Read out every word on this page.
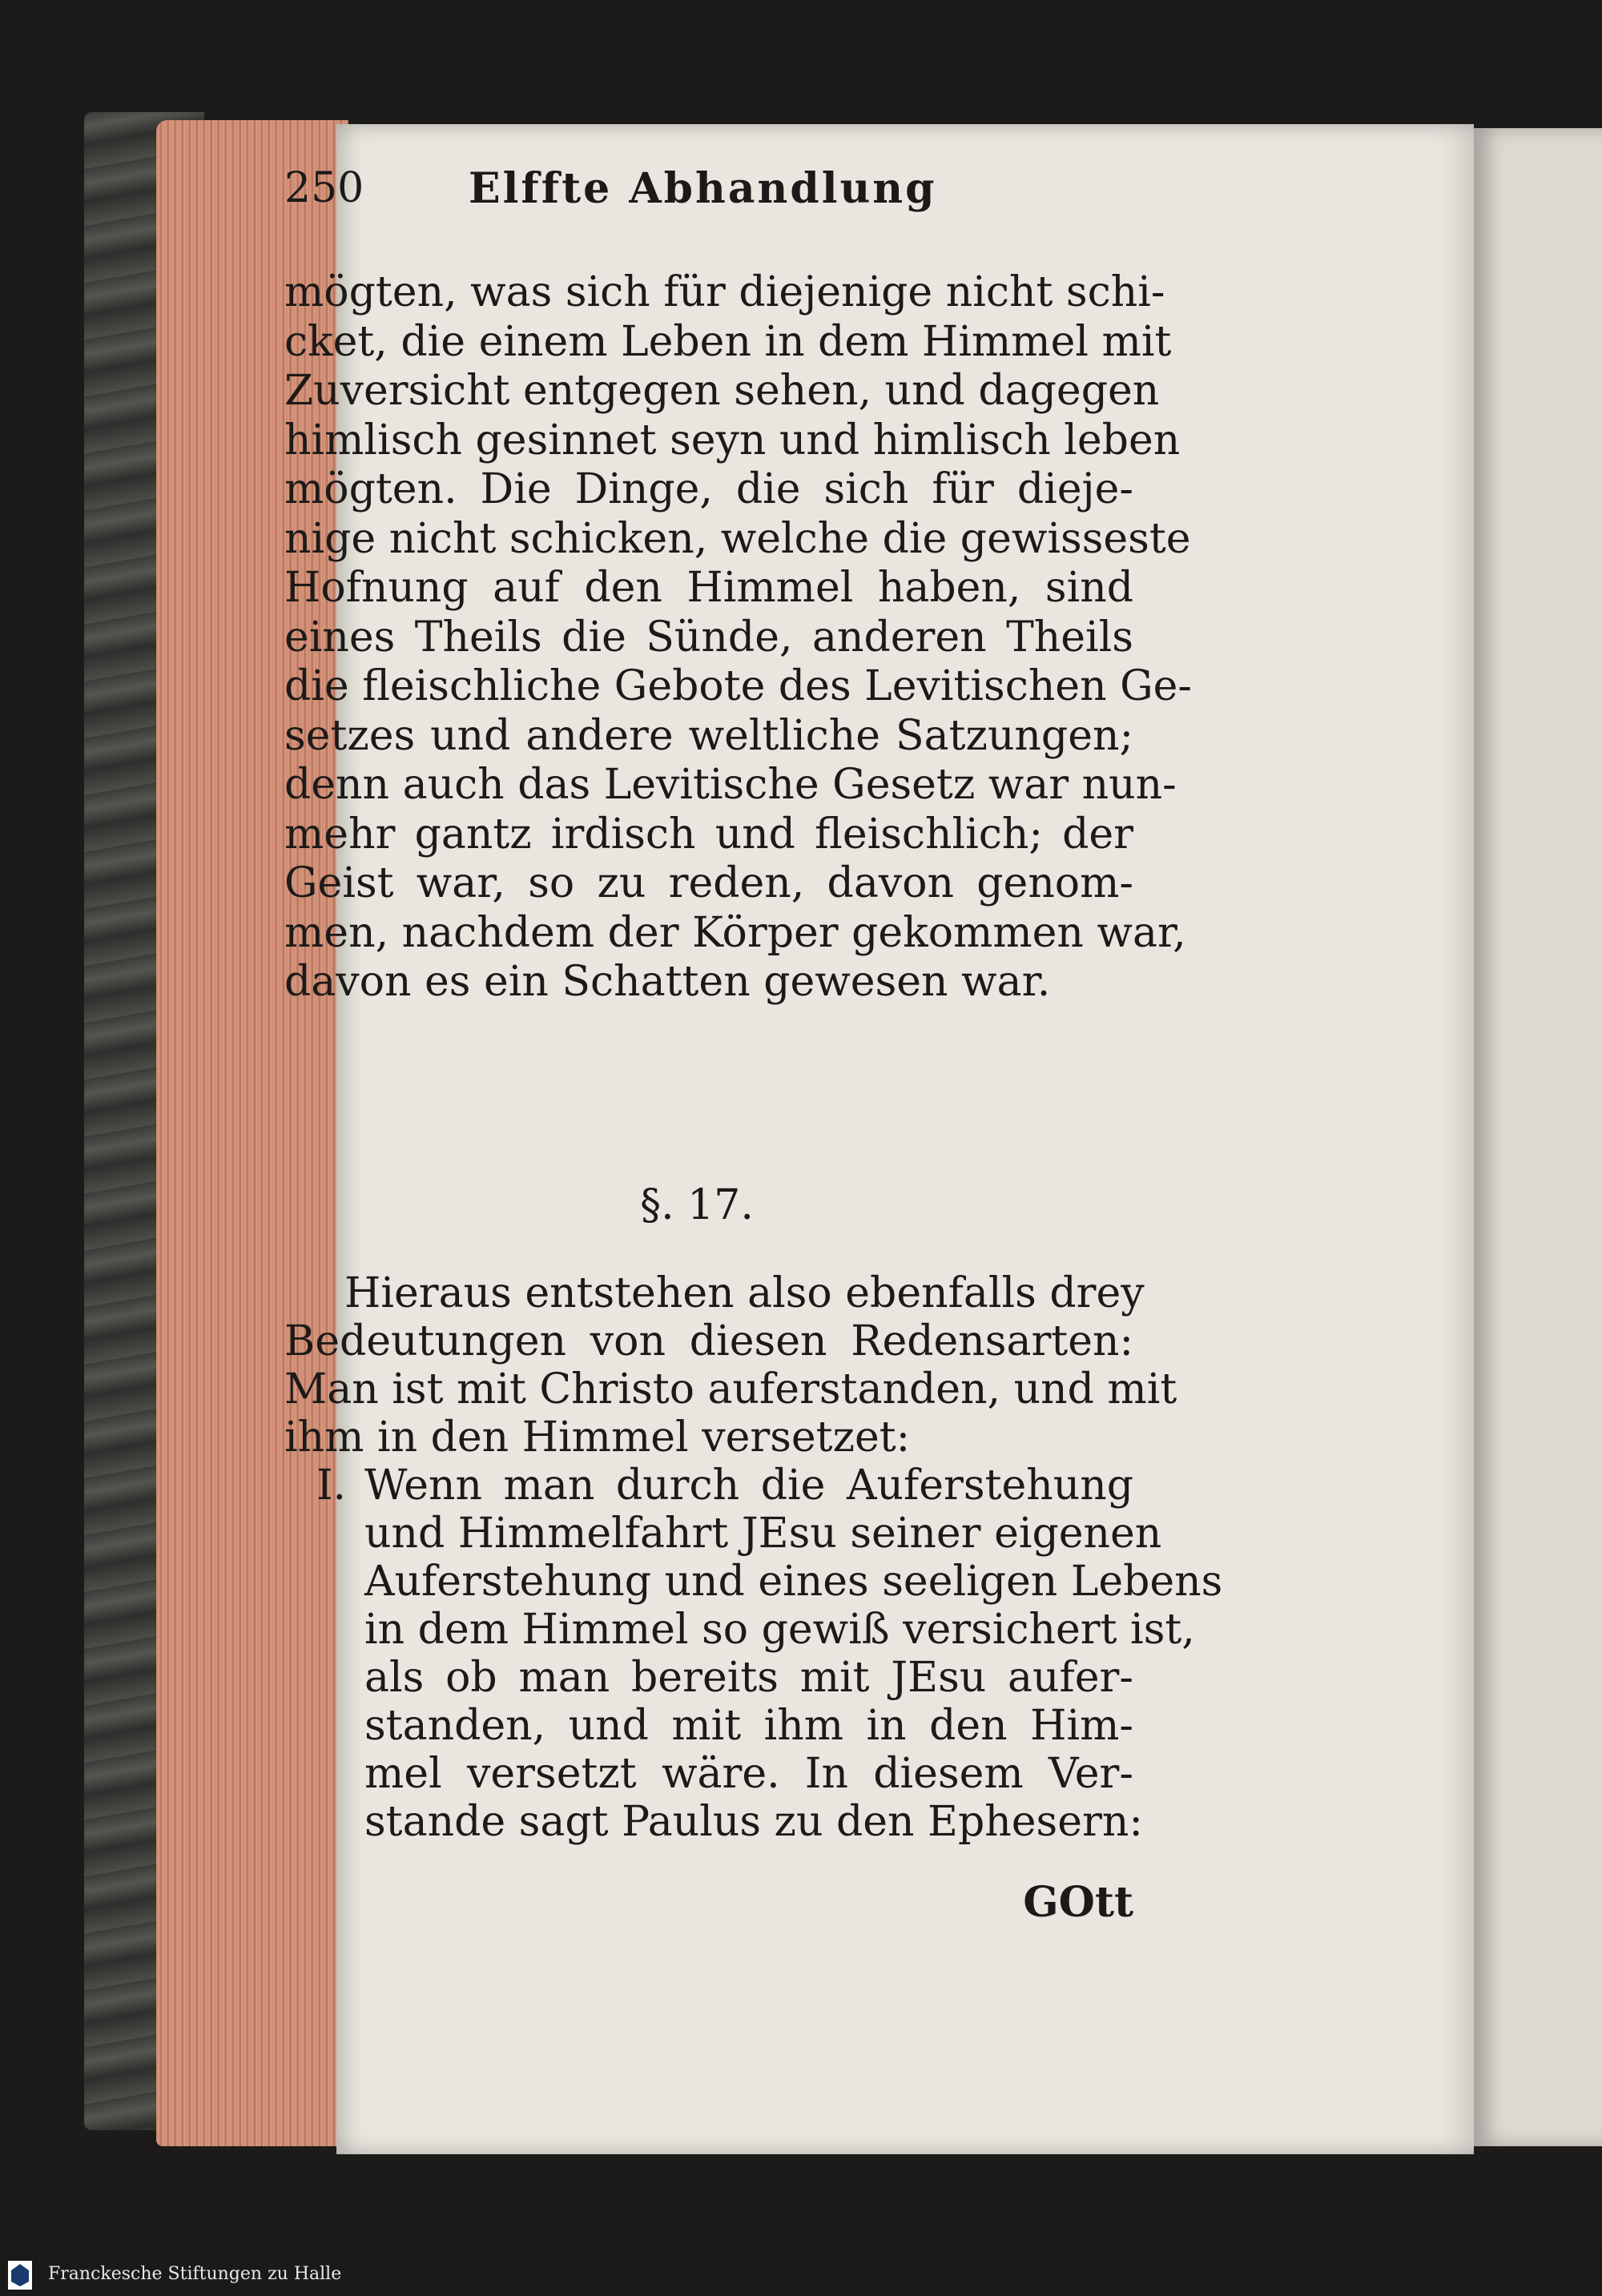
250	Elffte Abhandlung
mögten, was sich für diejenige nicht schi-
cket, die einem Leben in dem Himmel mit
Zuversicht entgegen sehen, und dagegen
himlisch gesinnet seyn und himlisch leben
mögten. Die Dinge, die sich für dieje-
nige nicht schicken, welche die gewisseste
Hofnung auf den Himmel haben, sind
eines Theils die Sünde, anderen Theils
die fleischliche Gebote des Levitischen Ge-
setzes und andere weltliche Satzungen;
denn auch das Levitische Gesetz war nun-
mehr gantz irdisch und fleischlich; der
Geist war, so zu reden, davon genom-
men, nachdem der Körper gekommen war,
davon es ein Schatten gewesen war.
§. 17.
Hieraus entstehen also ebenfalls drey
Bedeutungen von diesen Redensarten:
Man ist mit Christo auferstanden, und mit
ihm in den Himmel versetzet:
I. Wenn man durch die Auferstehung
und Himmelfahrt JEsu seiner eigenen
Auferstehung und eines seeligen Lebens
in dem Himmel so gewiß versichert ist,
als ob man bereits mit JEsu aufer-
standen, und mit ihm in den Him-
mel versetzt wäre. In diesem Ver-
stande sagt Paulus zu den Ephesern:
GOtt
Franckesche Stiftungen zu Halle
